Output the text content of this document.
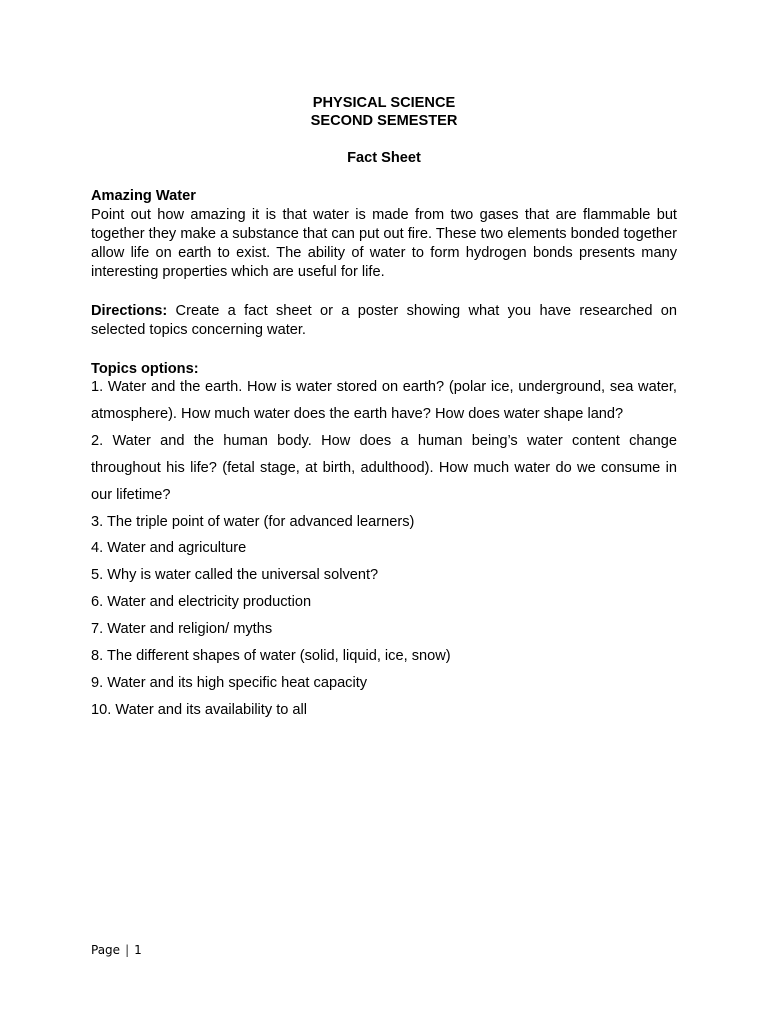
PHYSICAL SCIENCE
SECOND SEMESTER
Fact Sheet
Amazing Water
Point out how amazing it is that water is made from two gases that are flammable but together they make a substance that can put out fire. These two elements bonded together allow life on earth to exist. The ability of water to form hydrogen bonds presents many interesting properties which are useful for life.
Directions: Create a fact sheet or a poster showing what you have researched on selected topics concerning water.
Topics options:
1. Water and the earth. How is water stored on earth? (polar ice, underground, sea water, atmosphere). How much water does the earth have? How does water shape land?
2. Water and the human body. How does a human being’s water content change throughout his life? (fetal stage, at birth, adulthood). How much water do we consume in our lifetime?
3. The triple point of water (for advanced learners)
4. Water and agriculture
5. Why is water called the universal solvent?
6. Water and electricity production
7. Water and religion/ myths
8. The different shapes of water (solid, liquid, ice, snow)
9. Water and its high specific heat capacity
10. Water and its availability to all
Page | 1
